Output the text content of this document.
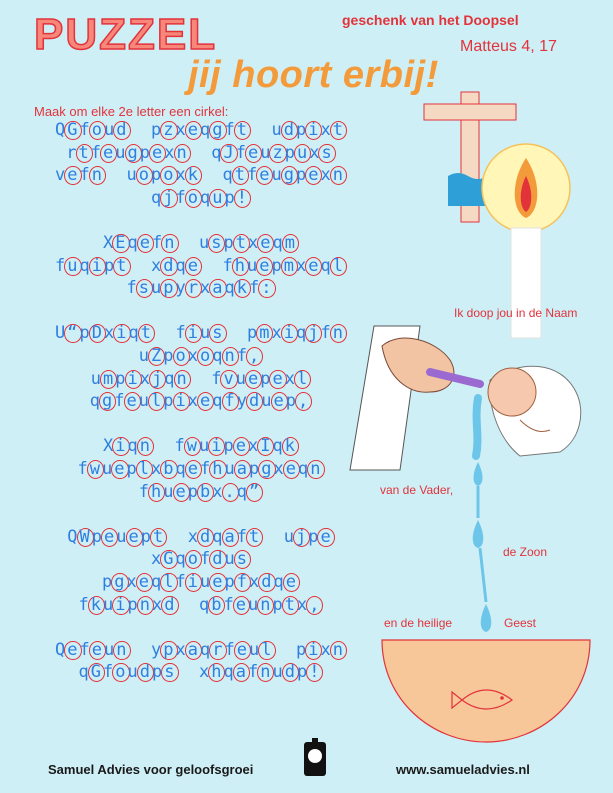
PUZZEL
jij hoort erbij!
geschenk van het Doopsel
Matteus 4, 17
Maak om elke 2e letter een cirkel:
QGfoud pzxeqgft udpixt
rtfeugpexn qJfeuzpuxs
vefn uopoxk qtfeugpexn
qjfoqup!
XEqefn usptxeqm
fuqipt xdqe fhuepmxeql
fsupyrxaqkf:
U“pDxiqt fius pmxiqjfn
uZpoxoqnf,
umpixjqn fvuepexl
qgfeulpixeqfyduep,
Xiqn fwuipexIqk
fwueplxbqefhuapgxeqn
fhuepbx.q”
QWpeuept xdqaft ujpe
xGqofdus
pgxeqlfiuepfxdqe
fkuipnxd qbfeunptx,
Qefeun ypxaqrfeul pixn
qGfoudps xhqafnudp!
Ik doop jou in de Naam
van de Vader,
de Zoon
en de heilige	Geest
Samuel Advies voor geloofsgroei	www.samueladvies.nl
